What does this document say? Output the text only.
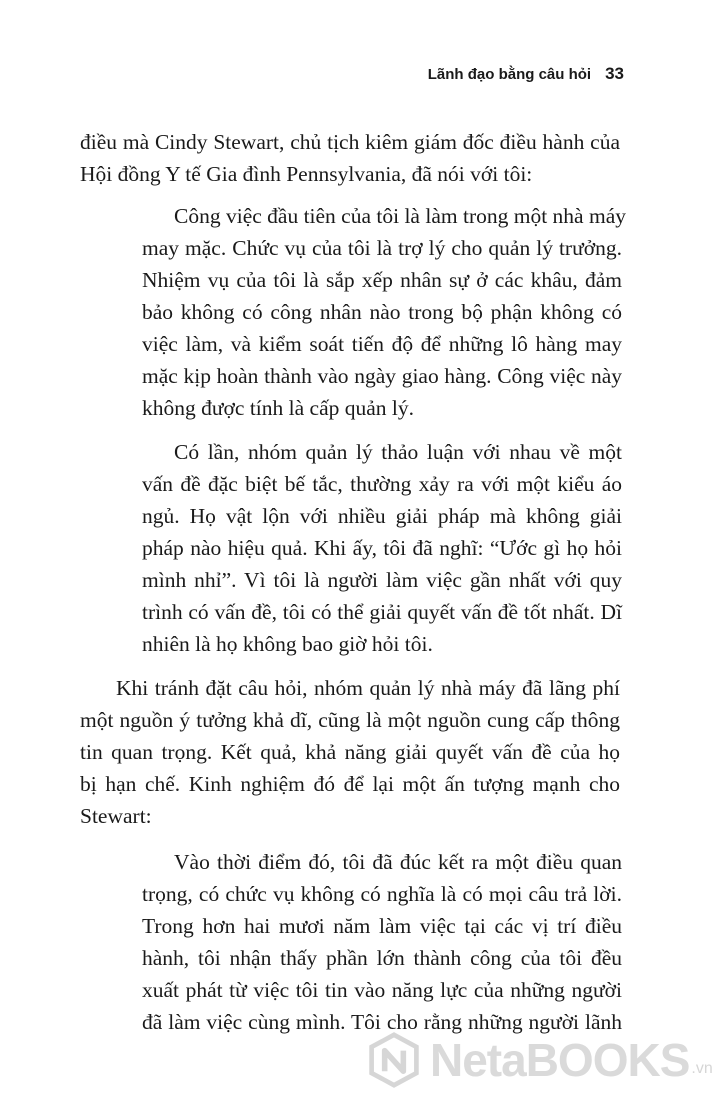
Lãnh đạo bằng câu hỏi 33

điều mà Cindy Stewart, chủ tịch kiêm giám đốc điều hành của
Hội đồng Y tế Gia đình Pennsylvania, đã nói với tôi:

Công việc đầu tiên của tôi là làm trong một nhà máy
may mặc. Chức vụ của tôi là trợ lý cho quản lý trưởng.
Nhiệm vụ của tôi là sắp xếp nhân sự ở các khâu, đảm
bảo không có công nhân nào trong bộ phận không có
việc làm, và kiểm soát tiến độ để những lô hàng may
mặc kịp hoàn thành vào ngày giao hàng. Công việc này
không được tính là cấp quản lý.
Có lần, nhóm quản lý thảo luận với nhau về một
vấn đề đặc biệt bế tắc, thường xảy ra với một kiểu áo
ngủ. Họ vật lộn với nhiều giải pháp mà không giải
pháp nào hiệu quả. Khi ấy, tôi đã nghĩ: “Ước gì họ hỏi
mình nhỉ”. Vì tôi là người làm việc gần nhất với quy
trình có vấn đề, tôi có thể giải quyết vấn đề tốt nhất. Dĩ
nhiên là họ không bao giờ hỏi tôi.

Khi tránh đặt câu hỏi, nhóm quản lý nhà máy đã lãng phí
một nguồn ý tưởng khả dĩ, cũng là một nguồn cung cấp thông
tin quan trọng. Kết quả, khả năng giải quyết vấn đề của họ
bị hạn chế. Kinh nghiệm đó để lại một ấn tượng mạnh cho
Stewart:

Vào thời điểm đó, tôi đã đúc kết ra một điều quan
trọng, có chức vụ không có nghĩa là có mọi câu trả lời.
Trong hơn hai mươi năm làm việc tại các vị trí điều
hành, tôi nhận thấy phần lớn thành công của tôi đều
xuất phát từ việc tôi tin vào năng lực của những người
đã làm việc cùng mình. Tôi cho rằng những người lãnh
NetaBOOKS .vn
